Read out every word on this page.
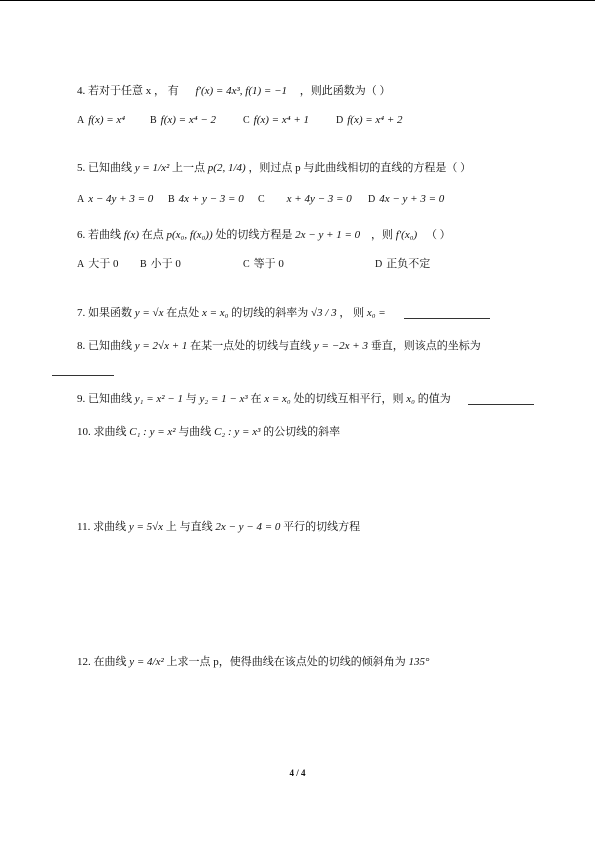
4. 若对于任意 x ， 有 f′(x) = 4x³, f(1) = −1 ，则此函数为（ ）
A f(x) = x⁴ B f(x) = x⁴ − 2	C f(x) = x⁴ + 1	D f(x) = x⁴ + 2
5. 已知曲线 y = 1/x² 上一点 p(2, 1/4) ，则过点 p 与此曲线相切的直线的方程是（ ）
A x − 4y + 3 = 0 B 4x + y − 3 = 0 C x + 4y − 3 = 0 D 4x − y + 3 = 0
6. 若曲线 f(x) 在点 p(x₀, f(x₀)) 处的切线方程是 2x − y + 1 = 0 ，则 f′(x₀) （ ）
A 大于 0 B 小于 0	C 等于 0	D 正负不定
7. 如果函数 y = √x 在点处 x = x₀ 的切线的斜率为 √3 / 3 ， 则 x₀ =
8. 已知曲线 y = 2√x + 1 在某一点处的切线与直线 y = −2x + 3 垂直，则该点的坐标为
9. 已知曲线 y₁ = x² − 1 与 y₂ = 1 − x³ 在 x = x₀ 处的切线互相平行，则 x₀ 的值为
10. 求曲线 C₁ : y = x² 与曲线 C₂ : y = x³ 的公切线的斜率
11. 求曲线 y = 5√x 上 与直线 2x − y − 4 = 0 平行的切线方程
12. 在曲线 y = 4/x² 上求一点 p，使得曲线在该点处的切线的倾斜角为 135°
4 / 4
